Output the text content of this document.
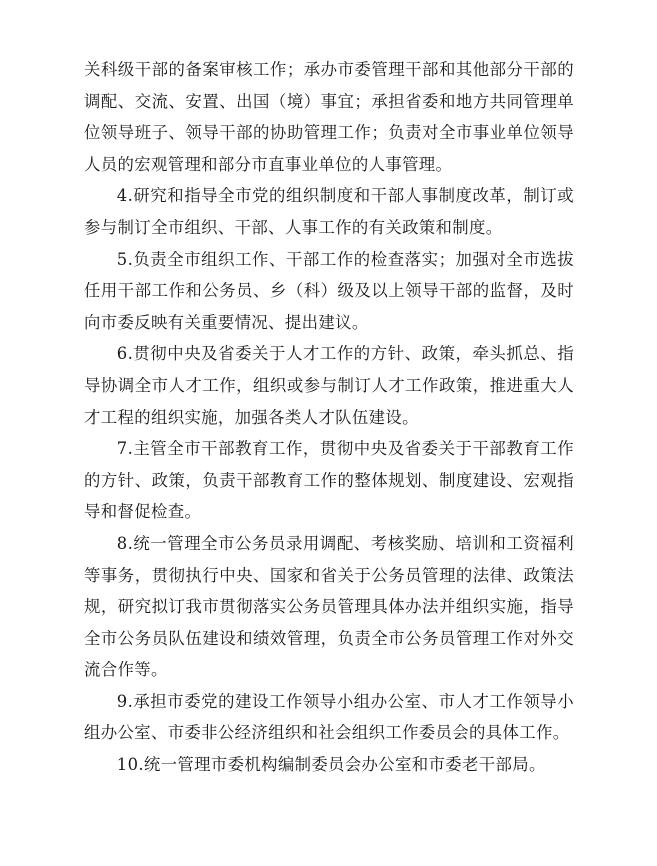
关科级干部的备案审核工作；承办市委管理干部和其他部分干部的调配、交流、安置、出国（境）事宜；承担省委和地方共同管理单位领导班子、领导干部的协助管理工作；负责对全市事业单位领导人员的宏观管理和部分市直事业单位的人事管理。

4.研究和指导全市党的组织制度和干部人事制度改革，制订或参与制订全市组织、干部、人事工作的有关政策和制度。

5.负责全市组织工作、干部工作的检查落实；加强对全市选拔任用干部工作和公务员、乡（科）级及以上领导干部的监督，及时向市委反映有关重要情况、提出建议。

6.贯彻中央及省委关于人才工作的方针、政策，牵头抓总、指导协调全市人才工作，组织或参与制订人才工作政策，推进重大人才工程的组织实施，加强各类人才队伍建设。

7.主管全市干部教育工作，贯彻中央及省委关于干部教育工作的方针、政策，负责干部教育工作的整体规划、制度建设、宏观指导和督促检查。

8.统一管理全市公务员录用调配、考核奖励、培训和工资福利等事务，贯彻执行中央、国家和省关于公务员管理的法律、政策法规，研究拟订我市贯彻落实公务员管理具体办法并组织实施，指导全市公务员队伍建设和绩效管理，负责全市公务员管理工作对外交流合作等。

9.承担市委党的建设工作领导小组办公室、市人才工作领导小组办公室、市委非公经济组织和社会组织工作委员会的具体工作。

10.统一管理市委机构编制委员会办公室和市委老干部局。
